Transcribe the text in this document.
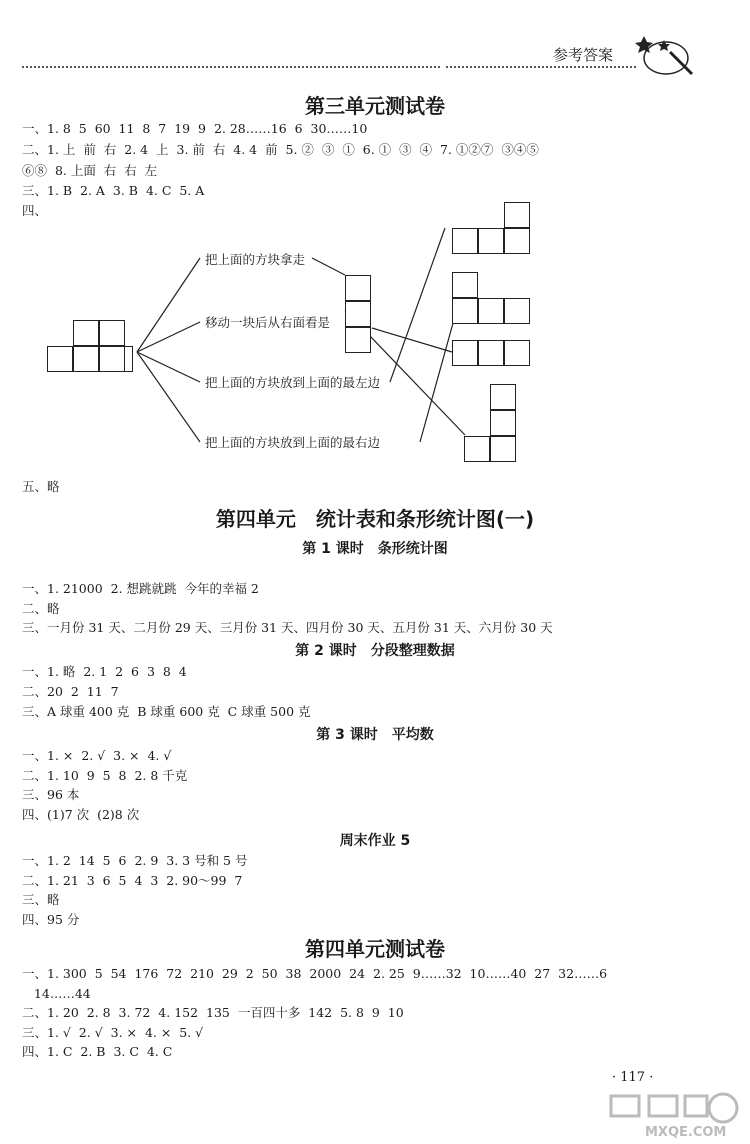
参考答案
第三单元测试卷
一、1. 8  5  60  11  8  7  19  9  2. 28……16  6  30……10
二、1. 上  前  右  2. 4  上  3. 前  右  4. 4  前  5. ②  ③  ①  6. ①  ③  ④  7. ①②⑦  ③④⑤
⑥⑧  8. 上面  右  右  左
三、1. B  2. A  3. B  4. C  5. A
四、
把上面的方块拿走
移动一块后从右面看是
把上面的方块放到上面的最左边
把上面的方块放到上面的最右边
五、略
第四单元　统计表和条形统计图(一)
第 1 课时　条形统计图
一、1. 21000  2. 想跳就跳  今年的幸福 2
二、略
三、一月份 31 天、二月份 29 天、三月份 31 天、四月份 30 天、五月份 31 天、六月份 30 天
第 2 课时　分段整理数据
一、1. 略  2. 1  2  6  3  8  4
二、20  2  11  7
三、A 球重 400 克  B 球重 600 克  C 球重 500 克
第 3 课时　平均数
一、1. ×  2. √  3. ×  4. √
二、1. 10  9  5  8  2. 8 千克
三、96 本
四、(1)7 次  (2)8 次
周末作业 5
一、1. 2  14  5  6  2. 9  3. 3 号和 5 号
二、1. 21  3  6  5  4  3  2. 90～99  7
三、略
四、95 分
第四单元测试卷
一、1. 300  5  54  176  72  210  29  2  50  38  2000  24  2. 25  9……32  10……40  27  32……6
14……44
二、1. 20  2. 8  3. 72  4. 152  135  一百四十多  142  5. 8  9  10
三、1. √  2. √  3. ×  4. ×  5. √
四、1. C  2. B  3. C  4. C
· 117 ·
MXQE.COM
